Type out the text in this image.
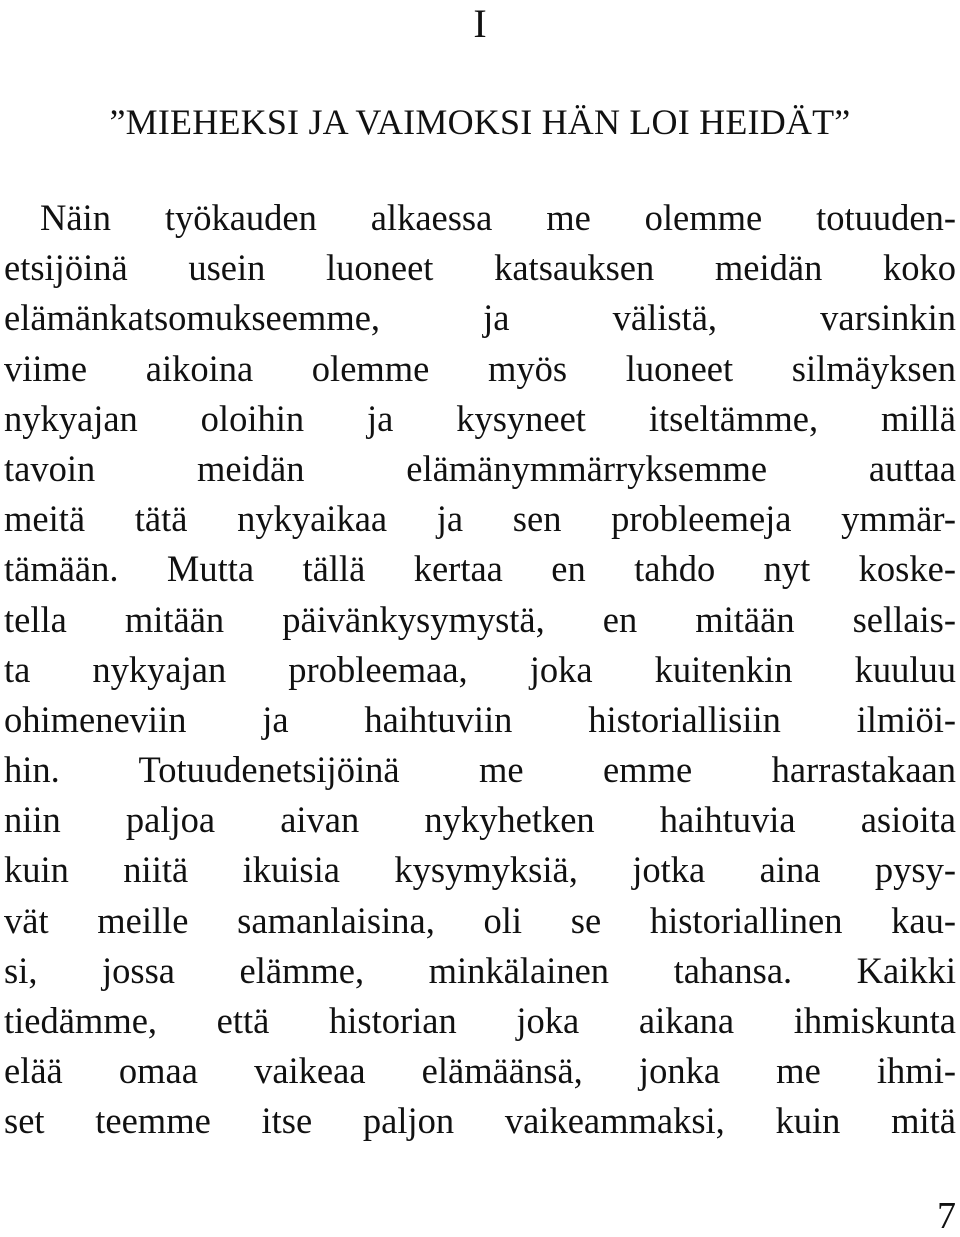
I
”MIEHEKSI JA VAIMOKSI HÄN LOI HEIDÄT”
Näin työkauden alkaessa me olemme totuuden-
etsijöinä usein luoneet katsauksen meidän koko
elämänkatsomukseemme, ja välistä, varsinkin
viime aikoina olemme myös luoneet silmäyksen
nykyajan oloihin ja kysyneet itseltämme, millä
tavoin meidän elämänymmärryksemme auttaa
meitä tätä nykyaikaa ja sen probleemeja ymmär-
tämään. Mutta tällä kertaa en tahdo nyt koske-
tella mitään päivänkysymystä, en mitään sellais-
ta nykyajan probleemaa, joka kuitenkin kuuluu
ohimeneviin ja haihtuviin historiallisiin ilmiöi-
hin. Totuudenetsijöinä me emme harrastakaan
niin paljoa aivan nykyhetken haihtuvia asioita
kuin niitä ikuisia kysymyksiä, jotka aina pysy-
vät meille samanlaisina, oli se historiallinen kau-
si, jossa elämme, minkälainen tahansa. Kaikki
tiedämme, että historian joka aikana ihmiskunta
elää omaa vaikeaa elämäänsä, jonka me ihmi-
set teemme itse paljon vaikeammaksi, kuin mitä
7
